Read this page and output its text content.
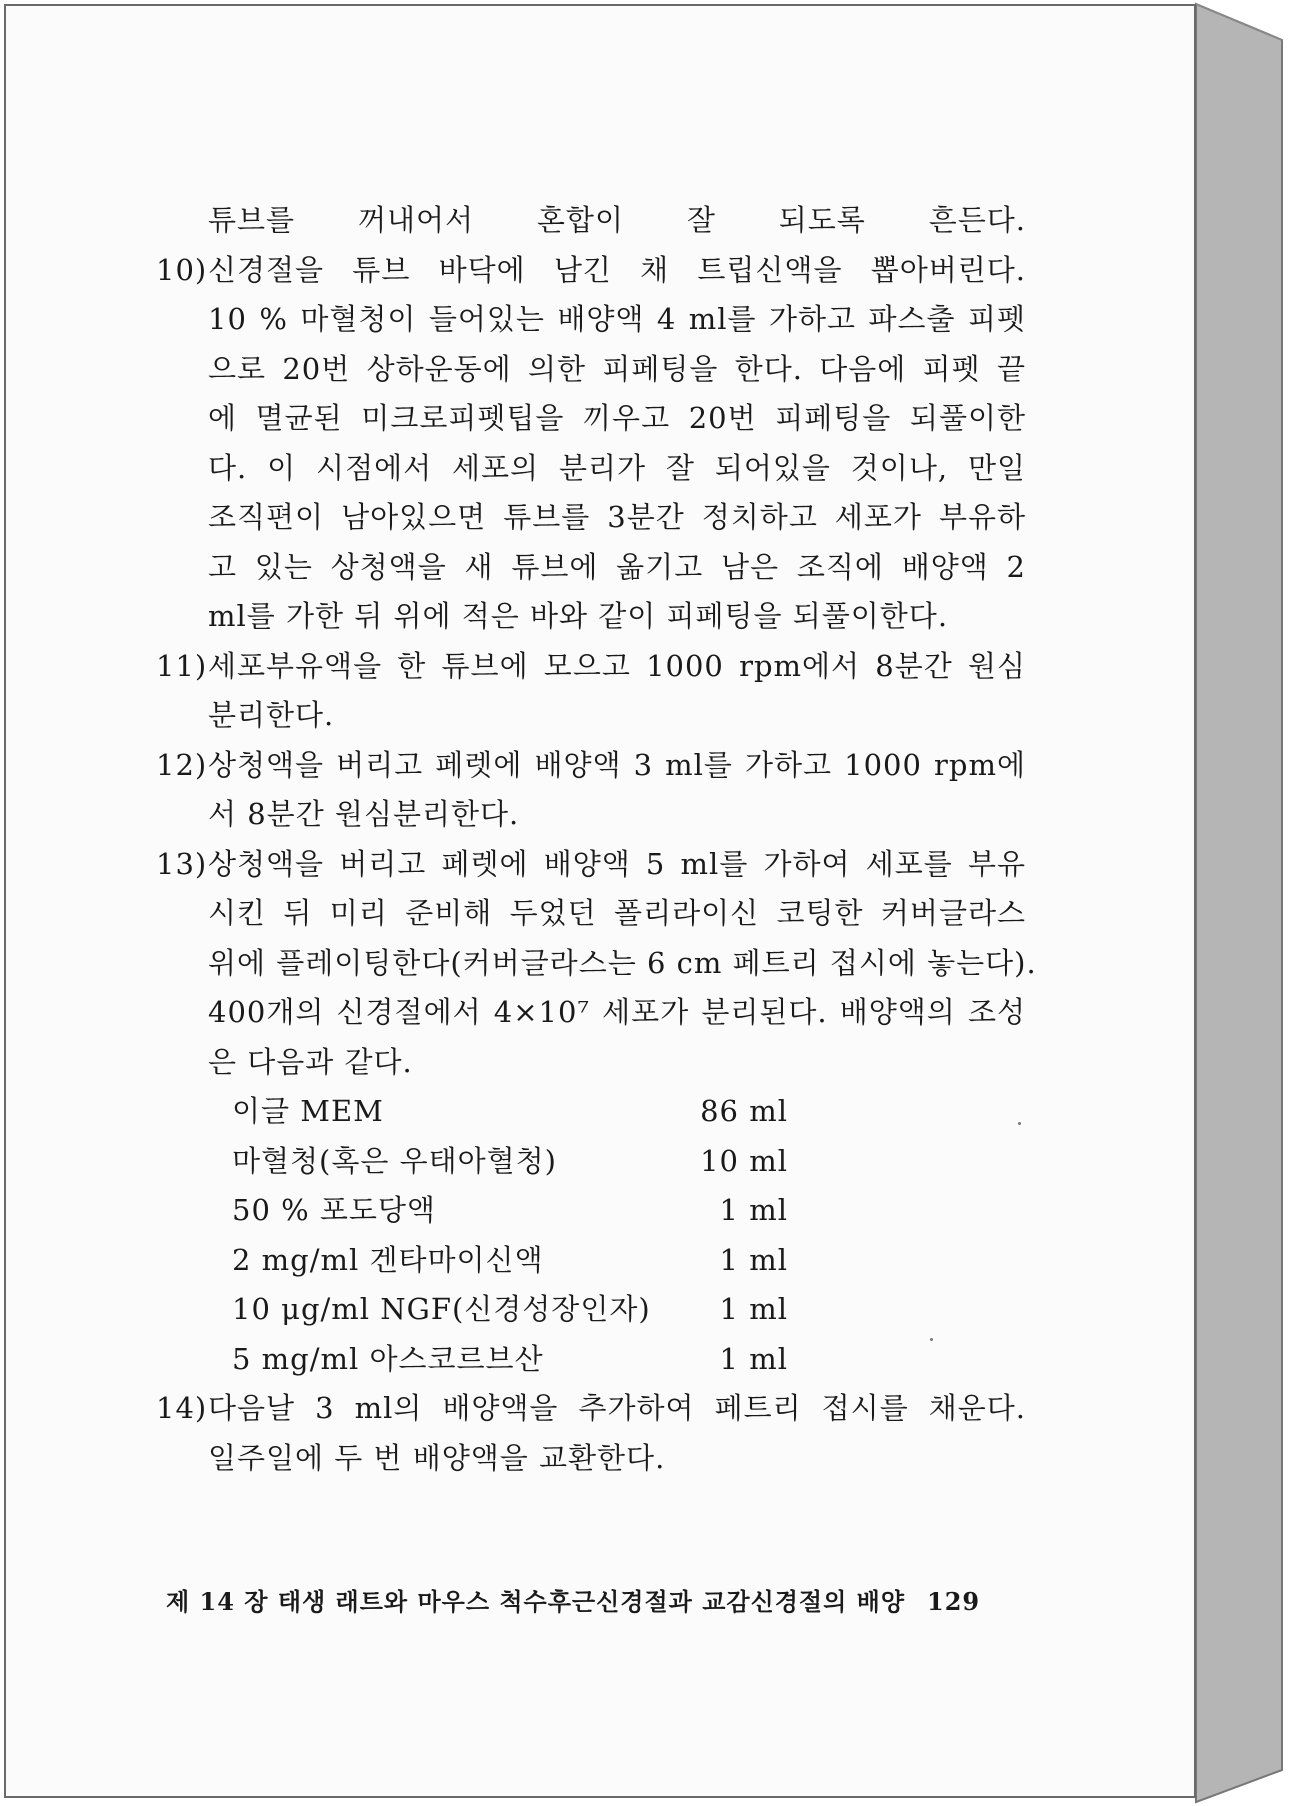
튜브를 꺼내어서 혼합이 잘 되도록 흔든다.
10) 신경절을 튜브 바닥에 남긴 채 트립신액을 뽑아버린다.
10 % 마혈청이 들어있는 배양액 4 ml를 가하고 파스출 피펫
으로 20번 상하운동에 의한 피페팅을 한다. 다음에 피펫 끝
에 멸균된 미크로피펫팁을 끼우고 20번 피페팅을 되풀이한
다. 이 시점에서 세포의 분리가 잘 되어있을 것이나, 만일
조직편이 남아있으면 튜브를 3분간 정치하고 세포가 부유하
고 있는 상청액을 새 튜브에 옮기고 남은 조직에 배양액 2
ml를 가한 뒤 위에 적은 바와 같이 피페팅을 되풀이한다.
11) 세포부유액을 한 튜브에 모으고 1000 rpm에서 8분간 원심
분리한다.
12) 상청액을 버리고 페렛에 배양액 3 ml를 가하고 1000 rpm에
서 8분간 원심분리한다.
13) 상청액을 버리고 페렛에 배양액 5 ml를 가하여 세포를 부유
시킨 뒤 미리 준비해 두었던 폴리라이신 코팅한 커버글라스
위에 플레이팅한다(커버글라스는 6 cm 페트리 접시에 놓는다).
400개의 신경절에서 4×10⁷ 세포가 분리된다. 배양액의 조성
은 다음과 같다.
86 ml
이글 MEM
10 ml
마혈청(혹은 우태아혈청)
1 ml
50 % 포도당액
1 ml
2 mg/ml 겐타마이신액
1 ml
10 μg/ml NGF(신경성장인자)
1 ml
5 mg/ml 아스코르브산
14) 다음날 3 ml의 배양액을 추가하여 페트리 접시를 채운다.
일주일에 두 번 배양액을 교환한다.
제 14 장 태생 래트와 마우스 척수후근신경절과 교감신경절의 배양 129
